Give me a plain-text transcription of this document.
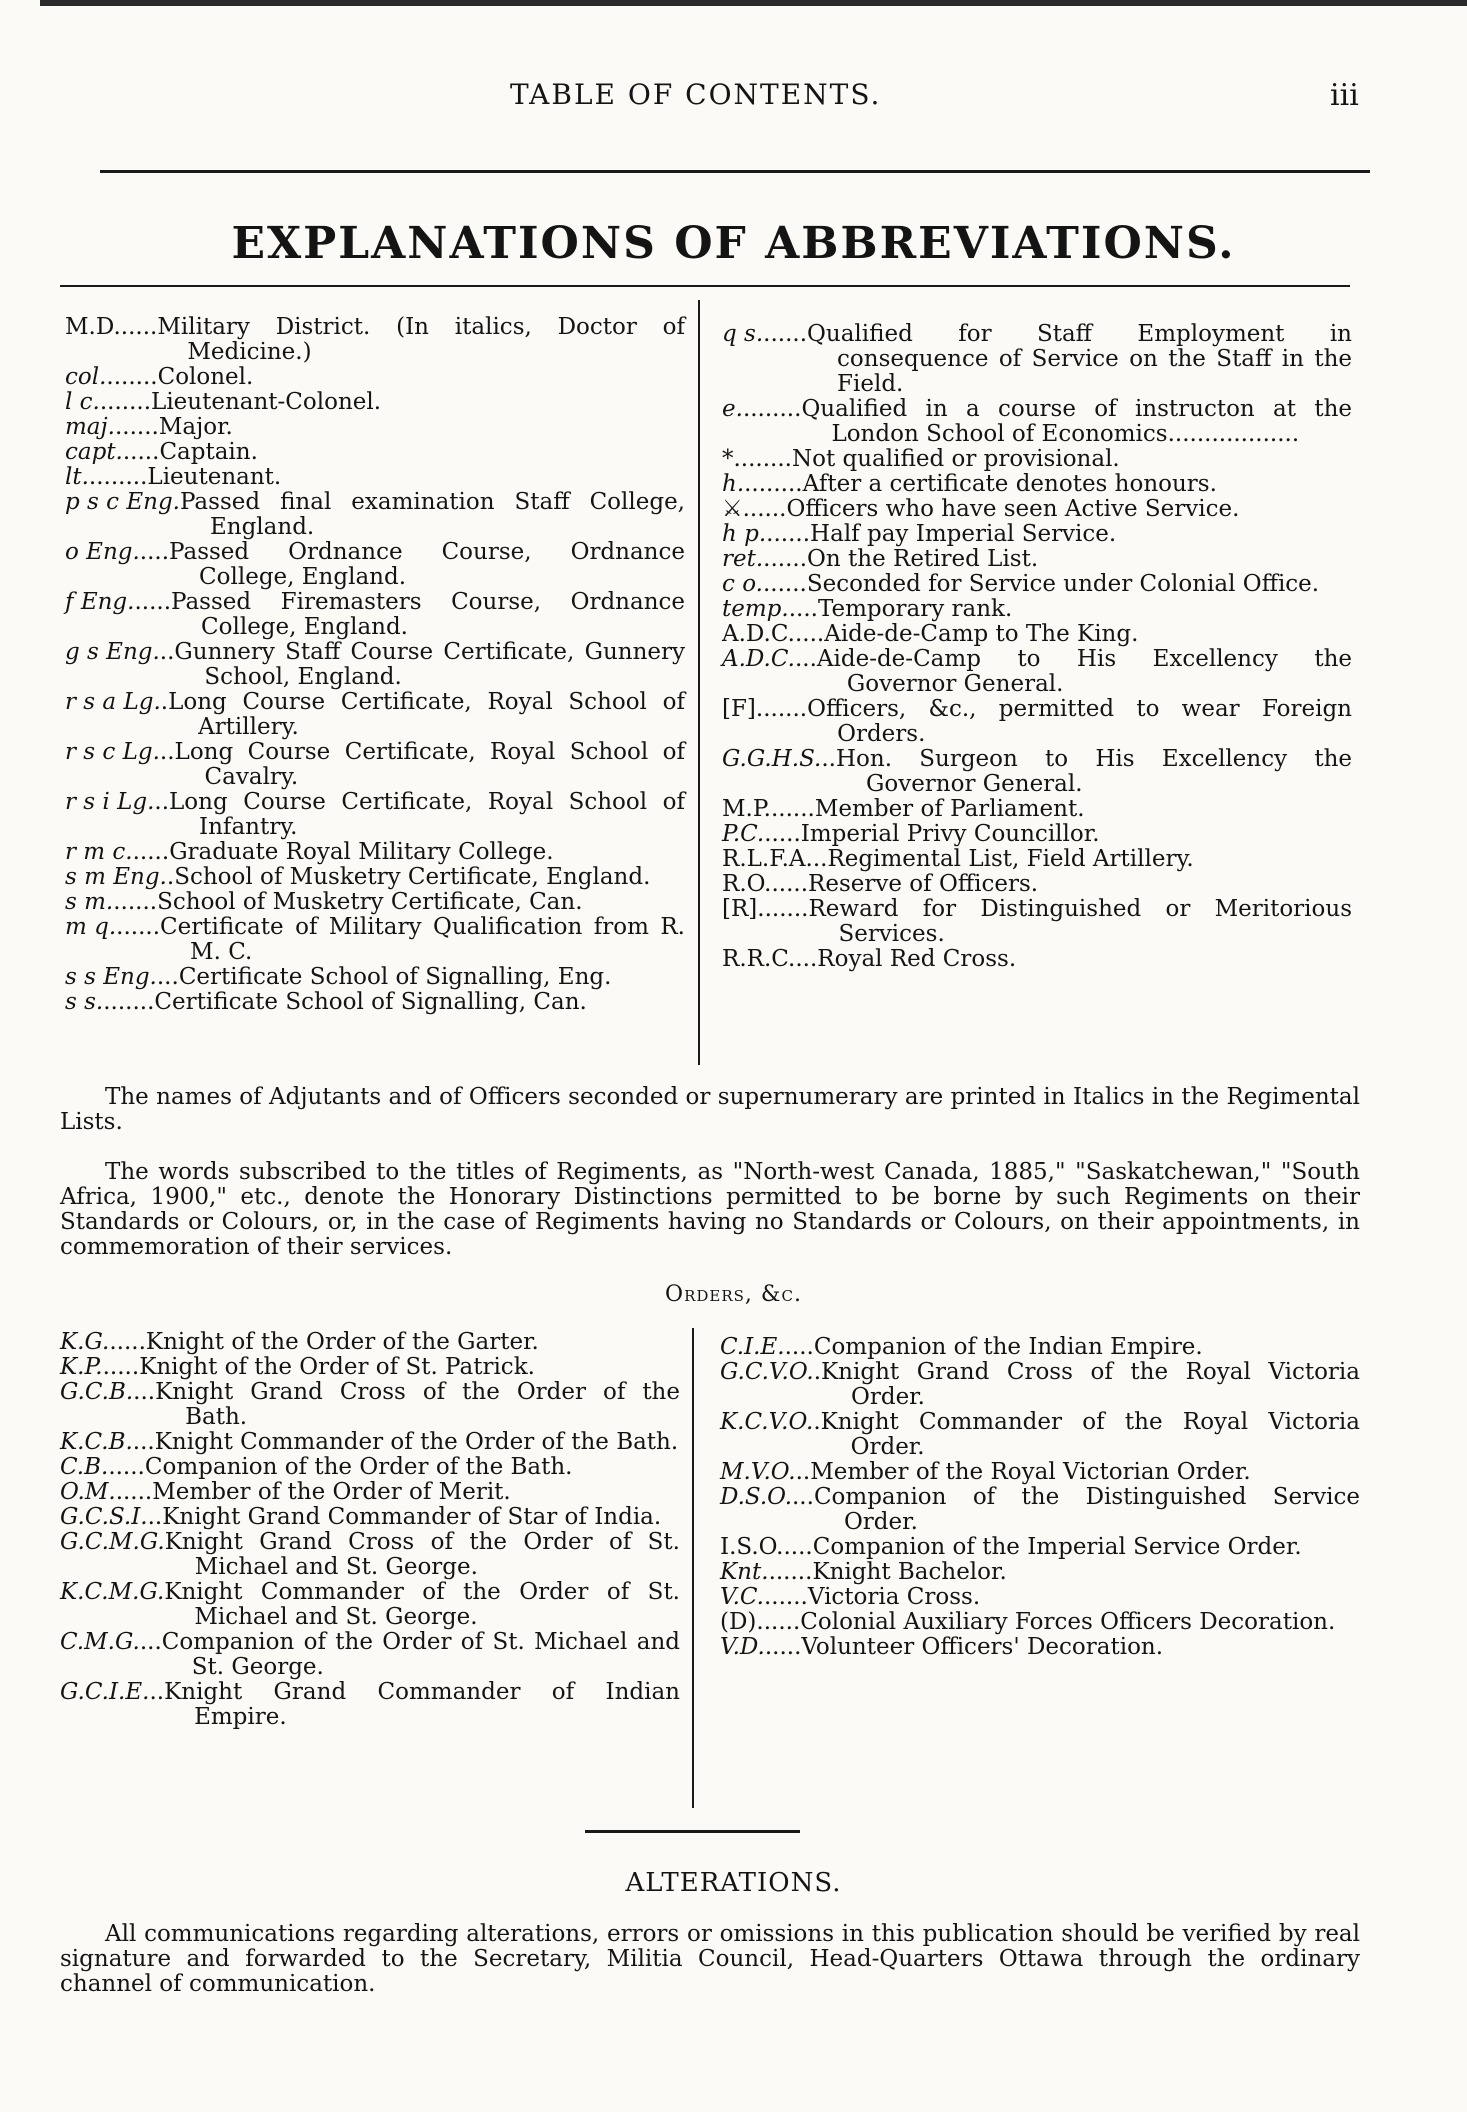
TABLE OF CONTENTS.	iii
EXPLANATIONS OF ABBREVIATIONS.
M.D. ..... Military District. (In italics, Doctor of Medicine.)
col. ....... Colonel.
l c. ....... Lieutenant-Colonel.
maj. ...... Major.
capt. ..... Captain.
lt. ........ Lieutenant.
p s c Eng. Passed final examination Staff College, England.
o Eng. .... Passed Ordnance Course, Ordnance College, England.
f Eng. ..... Passed Firemasters Course, Ordnance College, England.
g s Eng. .. Gunnery Staff Course Certificate, Gunnery School, England.
r s a Lg. . Long Course Certificate, Royal School of Artillery.
r s c Lg. .. Long Course Certificate, Royal School of Cavalry.
r s i Lg. .. Long Course Certificate, Royal School of Infantry.
r m c. ..... Graduate Royal Military College.
s m Eng. . School of Musketry Certificate, England.
s m. ...... School of Musketry Certificate, Can.
m q. ...... Certificate of Military Qualification from R. M. C.
s s Eng. ... Certificate School of Signalling, Eng.
s s. ....... Certificate School of Signalling, Can.
q s. ...... Qualified for Staff Employment in consequence of Service on the Staff in the Field.
e. ........ Qualified in a course of instructon at the London School of Economics..................
* ........ Not qualified or provisional.
h. ........ After a certificate denotes honours.
⚔ ...... Officers who have seen Active Service.
h p. ...... Half pay Imperial Service.
ret. ...... On the Retired List.
c o. ...... Seconded for Service under Colonial Office.
temp. .... Temporary rank.
A.D.C. .... Aide-de-Camp to The King.
A.D.C. ... Aide-de-Camp to His Excellency the Governor General.
[F]. ...... Officers, &c., permitted to wear Foreign Orders.
G.G.H.S. .. Hon. Surgeon to His Excellency the Governor General.
M.P. ...... Member of Parliament.
P.C. ..... Imperial Privy Councillor.
R.L.F.A. .. Regimental List, Field Artillery.
R.O. ..... Reserve of Officers.
[R]. ...... Reward for Distinguished or Meritorious Services.
R.R.C. ... Royal Red Cross.

The names of Adjutants and of Officers seconded or supernumerary are printed in Italics in the Regimental Lists.

The words subscribed to the titles of Regiments, as "North-west Canada, 1885," "Saskatchewan," "South Africa, 1900," etc., denote the Honorary Distinctions permitted to be borne by such Regiments on their Standards or Colours, or, in the case of Regiments having no Standards or Colours, on their appointments, in commemoration of their services.

Orders, &c.
K.G. ..... Knight of the Order of the Garter.
K.P. ..... Knight of the Order of St. Patrick.
G.C.B. ... Knight Grand Cross of the Order of the Bath.
K.C.B. ... Knight Commander of the Order of the Bath.
C.B. ..... Companion of the Order of the Bath.
O.M. ..... Member of the Order of Merit.
G.C.S.I. .. Knight Grand Commander of Star of India.
G.C.M.G. Knight Grand Cross of the Order of St. Michael and St. George.
K.C.M.G. Knight Commander of the Order of St. Michael and St. George.
C.M.G. ... Companion of the Order of St. Michael and St. George.
G.C.I.E. .. Knight Grand Commander of Indian Empire.
C.I.E. .... Companion of the Indian Empire.
G.C.V.O. . Knight Grand Cross of the Royal Victoria Order.
K.C.V.O. . Knight Commander of the Royal Victoria Order.
M.V.O. .. Member of the Royal Victorian Order.
D.S.O. ... Companion of the Distinguished Service Order.
I.S.O. .... Companion of the Imperial Service Order.
Knt. ...... Knight Bachelor.
V.C. ...... Victoria Cross.
(D). ..... Colonial Auxiliary Forces Officers Decoration.
V.D. ..... Volunteer Officers' Decoration.
ALTERATIONS.

All communications regarding alterations, errors or omissions in this publication should be verified by real signature and forwarded to the Secretary, Militia Council, Head-Quarters Ottawa through the ordinary channel of communication.
